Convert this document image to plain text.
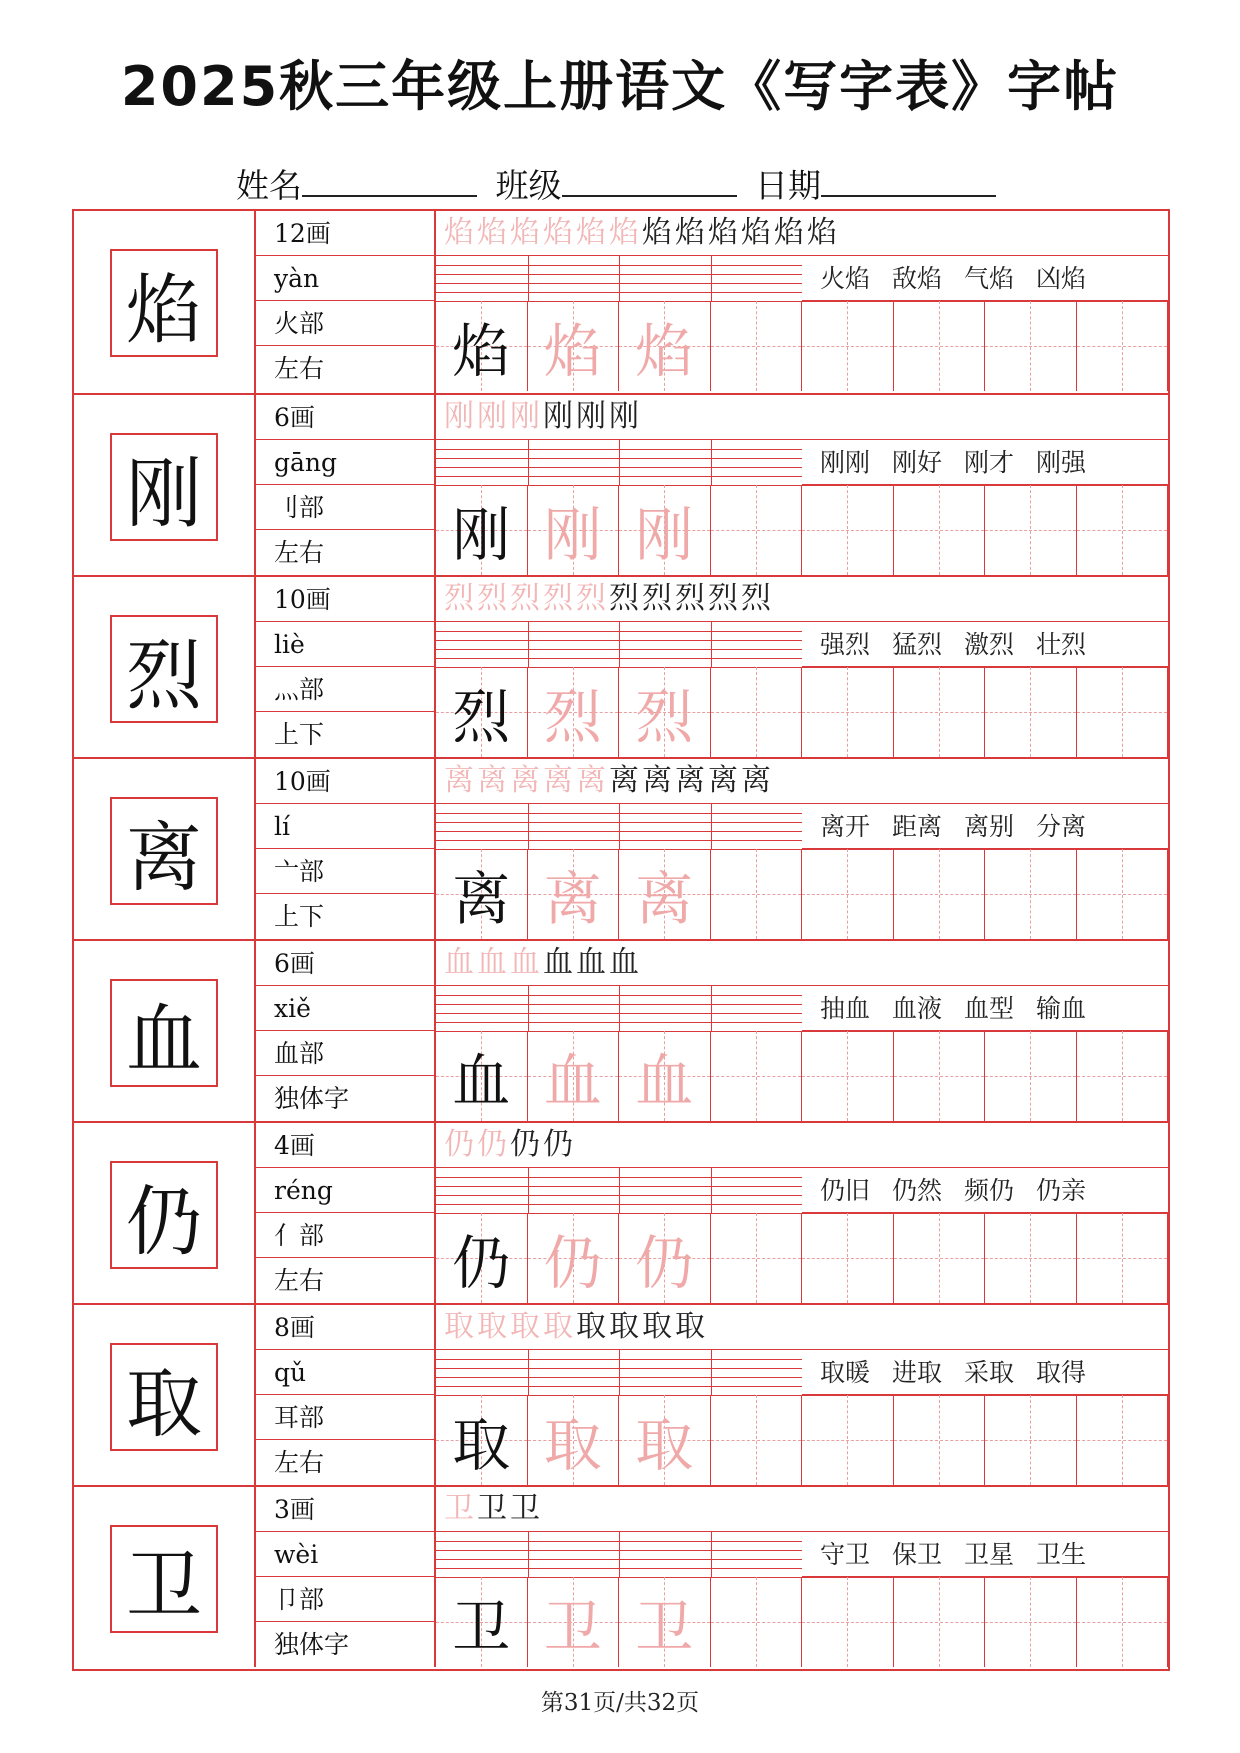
2025秋三年级上册语文《写字表》字帖
姓名	班级	日期
焰
12画
yàn
火部
左右
焰焰焰焰焰焰焰焰焰焰焰焰
火焰 敌焰 气焰 凶焰
焰 焰 焰
刚
6画
gāng
刂部
左右
刚刚刚刚刚刚
刚刚 刚好 刚才 刚强
刚 刚 刚
烈
10画
liè
灬部
上下
烈烈烈烈烈烈烈烈烈烈
强烈 猛烈 激烈 壮烈
烈 烈 烈
离
10画
lí
亠部
上下
离离离离离离离离离离
离开 距离 离别 分离
离 离 离
血
6画
xiě
血部
独体字
血血血血血血
抽血 血液 血型 输血
血 血 血
仍
4画
réng
亻部
左右
仍仍仍仍
仍旧 仍然 频仍 仍亲
仍 仍 仍
取
8画
qǔ
耳部
左右
取取取取取取取取
取暖 进取 采取 取得
取 取 取
卫
3画
wèi
卩部
独体字
卫卫卫
守卫 保卫 卫星 卫生
卫 卫 卫
第31页/共32页
